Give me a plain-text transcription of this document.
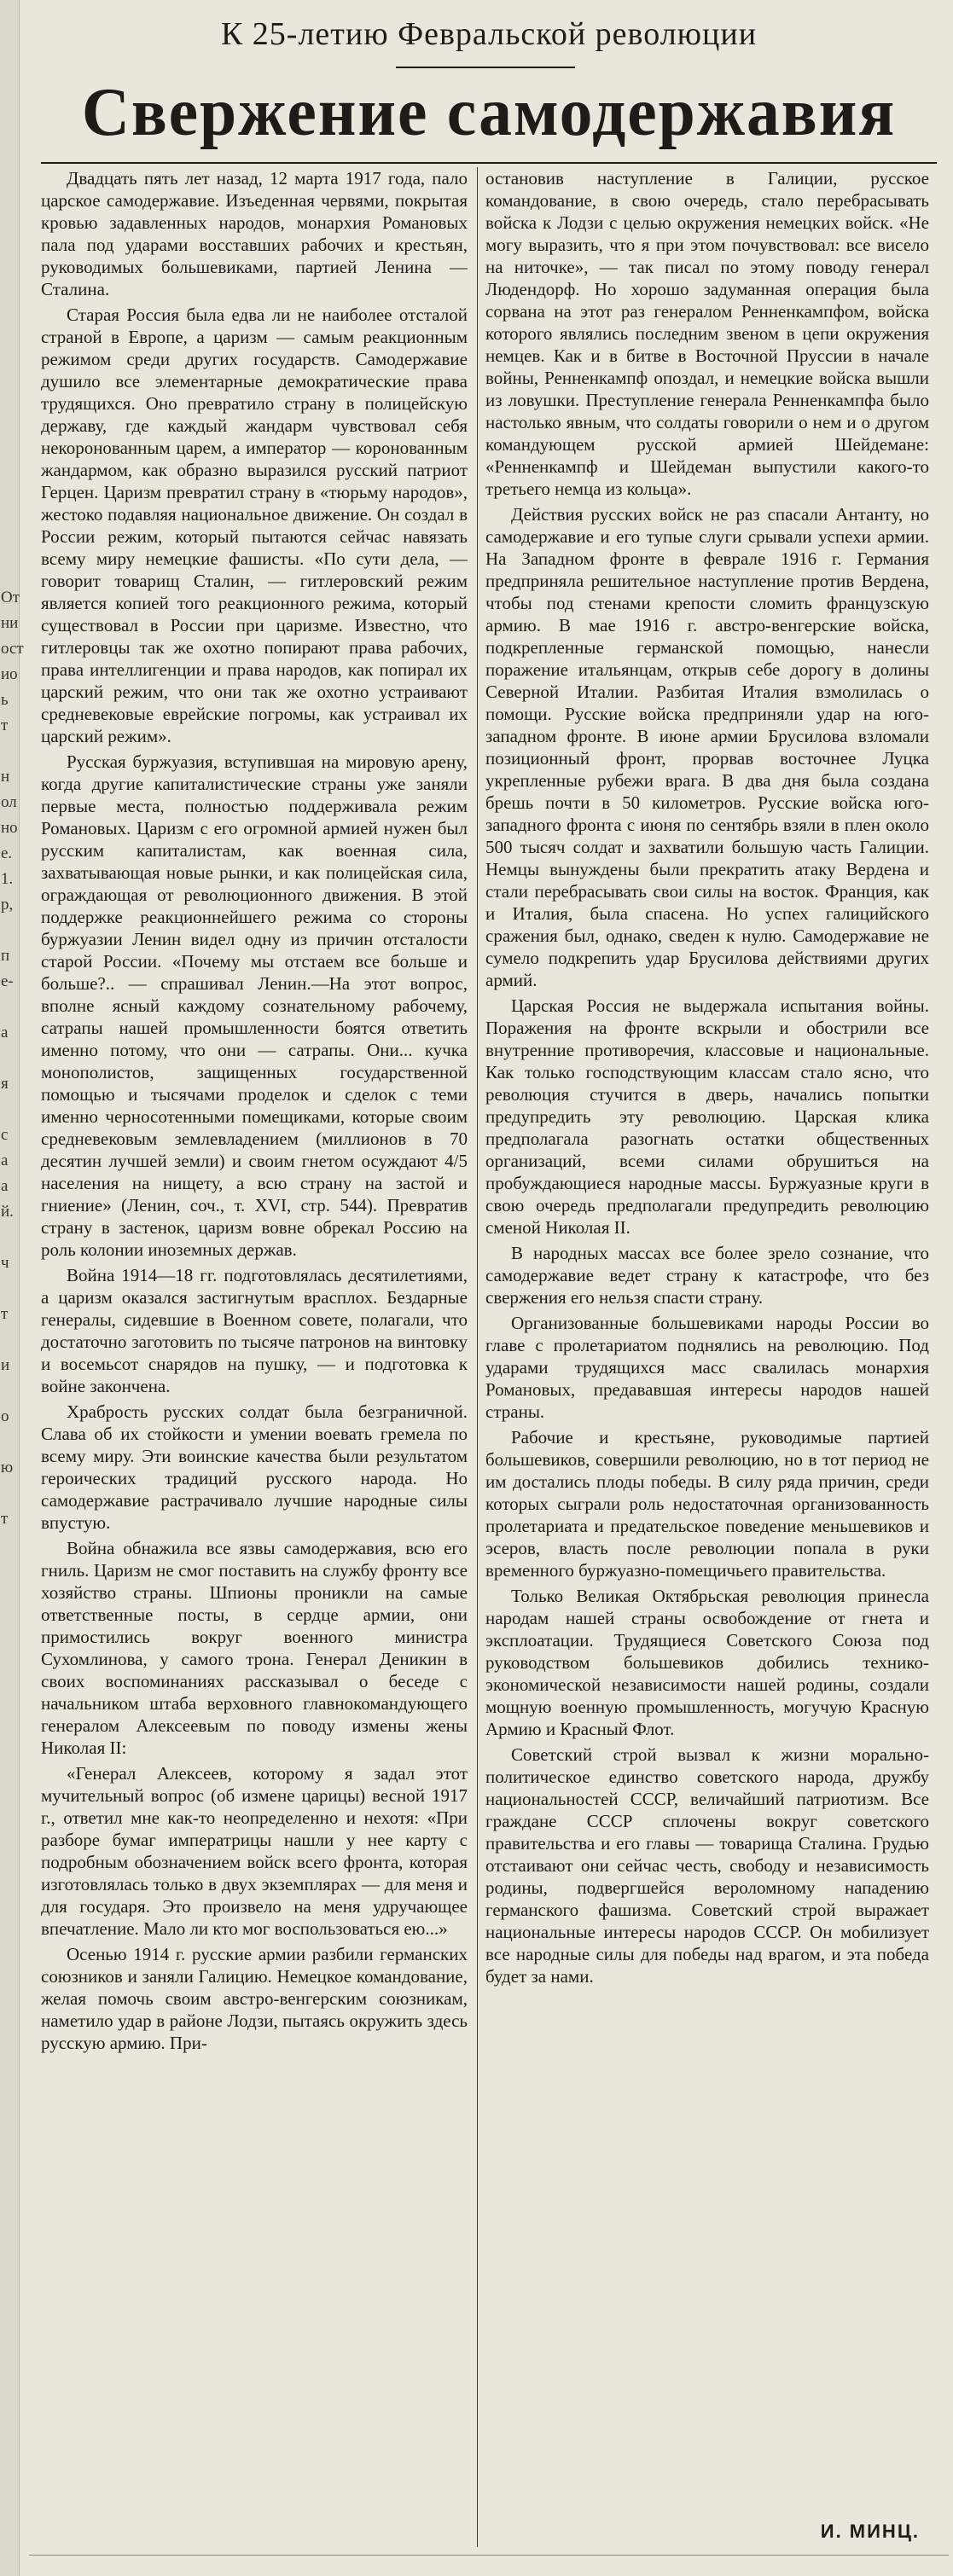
От
ни
ост
ио
ь
т
н
ол
но
е.
1.
р,
п
е-
а
я
с
а
а
й.
ч
т
и
о
ю
т
К 25-летию Февральской революции
Свержение самодержавия

Двадцать пять лет назад, 12 марта 1917 года, пало царское самодержавие. Изъеденная червями, покрытая кровью задавленных народов, монархия Романовых пала под ударами восставших рабочих и крестьян, руководимых большевиками, партией Ленина — Сталина.

Старая Россия была едва ли не наиболее отсталой страной в Европе, а царизм — самым реакционным режимом среди других государств. Самодержавие душило все элементарные демократические права трудящихся. Оно превратило страну в полицейскую державу, где каждый жандарм чувствовал себя некоронованным царем, а император — коронованным жандармом, как образно выразился русский патриот Герцен. Царизм превратил страну в «тюрьму народов», жестоко подавляя национальное движение. Он создал в России режим, который пытаются сейчас навязать всему миру немецкие фашисты. «По сути дела, — говорит товарищ Сталин, — гитлеровский режим является копией того реакционного режима, который существовал в России при царизме. Известно, что гитлеровцы так же охотно попирают права рабочих, права интеллигенции и права народов, как попирал их царский режим, что они так же охотно устраивают средневековые еврейские погромы, как устраивал их царский режим».

Русская буржуазия, вступившая на мировую арену, когда другие капиталистические страны уже заняли первые места, полностью поддерживала режим Романовых. Царизм с его огромной армией нужен был русским капиталистам, как военная сила, захватывающая новые рынки, и как полицейская сила, ограждающая от революционного движения. В этой поддержке реакционнейшего режима со стороны буржуазии Ленин видел одну из причин отсталости старой России. «Почему мы отстаем все больше и больше?.. — спрашивал Ленин.—На этот вопрос, вполне ясный каждому сознательному рабочему, сатрапы нашей промышленности боятся ответить именно потому, что они — сатрапы. Они... кучка монополистов, защищенных государственной помощью и тысячами проделок и сделок с теми именно черносотенными помещиками, которые своим средневековым землевладением (миллионов в 70 десятин лучшей земли) и своим гнетом осуждают 4/5 населения на нищету, а всю страну на застой и гниение» (Ленин, соч., т. XVI, стр. 544). Превратив страну в застенок, царизм вовне обрекал Россию на роль колонии иноземных держав.

Война 1914—18 гг. подготовлялась десятилетиями, а царизм оказался застигнутым врасплох. Бездарные генералы, сидевшие в Военном совете, полагали, что достаточно заготовить по тысяче патронов на винтовку и восемьсот снарядов на пушку, — и подготовка к войне закончена.

Храбрость русских солдат была безграничной. Слава об их стойкости и умении воевать гремела по всему миру. Эти воинские качества были результатом героических традиций русского народа. Но самодержавие растрачивало лучшие народные силы впустую.

Война обнажила все язвы самодержавия, всю его гниль. Царизм не смог поставить на службу фронту все хозяйство страны. Шпионы проникли на самые ответственные посты, в сердце армии, они примостились вокруг военного министра Сухомлинова, у самого трона. Генерал Деникин в своих воспоминаниях рассказывал о беседе с начальником штаба верховного главнокомандующего генералом Алексеевым по поводу измены жены Николая II:

«Генерал Алексеев, которому я задал этот мучительный вопрос (об измене царицы) весной 1917 г., ответил мне как-то неопределенно и нехотя: «При разборе бумаг императрицы нашли у нее карту с подробным обозначением войск всего фронта, которая изготовлялась только в двух экземплярах — для меня и для государя. Это произвело на меня удручающее впечатление. Мало ли кто мог воспользоваться ею...»

Осенью 1914 г. русские армии разбили германских союзников и заняли Галицию. Немецкое командование, желая помочь своим австро-венгерским союзникам, наметило удар в районе Лодзи, пытаясь окружить здесь русскую армию. При-

остановив наступление в Галиции, русское командование, в свою очередь, стало перебрасывать войска к Лодзи с целью окружения немецких войск. «Не могу выразить, что я при этом почувствовал: все висело на ниточке», — так писал по этому поводу генерал Людендорф. Но хорошо задуманная операция была сорвана на этот раз генералом Ренненкампфом, войска которого являлись последним звеном в цепи окружения немцев. Как и в битве в Восточной Пруссии в начале войны, Ренненкампф опоздал, и немецкие войска вышли из ловушки. Преступление генерала Ренненкампфа было настолько явным, что солдаты говорили о нем и о другом командующем русской армией Шейдемане: «Ренненкампф и Шейдеман выпустили какого-то третьего немца из кольца».

Действия русских войск не раз спасали Антанту, но самодержавие и его тупые слуги срывали успехи армии. На Западном фронте в феврале 1916 г. Германия предприняла решительное наступление против Вердена, чтобы под стенами крепости сломить французскую армию. В мае 1916 г. австро-венгерские войска, подкрепленные германской помощью, нанесли поражение итальянцам, открыв себе дорогу в долины Северной Италии. Разбитая Италия взмолилась о помощи. Русские войска предприняли удар на юго-западном фронте. В июне армии Брусилова взломали позиционный фронт, прорвав восточнее Луцка укрепленные рубежи врага. В два дня была создана брешь почти в 50 километров. Русские войска юго-западного фронта с июня по сентябрь взяли в плен около 500 тысяч солдат и захватили большую часть Галиции. Немцы вынуждены были прекратить атаку Вердена и стали перебрасывать свои силы на восток. Франция, как и Италия, была спасена. Но успех галицийского сражения был, однако, сведен к нулю. Самодержавие не сумело подкрепить удар Брусилова действиями других армий.

Царская Россия не выдержала испытания войны. Поражения на фронте вскрыли и обострили все внутренние противоречия, классовые и национальные. Как только господствующим классам стало ясно, что революция стучится в дверь, начались попытки предупредить эту революцию. Царская клика предполагала разогнать остатки общественных организаций, всеми силами обрушиться на пробуждающиеся народные массы. Буржуазные круги в свою очередь предполагали предупредить революцию сменой Николая II.

В народных массах все более зрело сознание, что самодержавие ведет страну к катастрофе, что без свержения его нельзя спасти страну.

Организованные большевиками народы России во главе с пролетариатом поднялись на революцию. Под ударами трудящихся масс свалилась монархия Романовых, предававшая интересы народов нашей страны.

Рабочие и крестьяне, руководимые партией большевиков, совершили революцию, но в тот период не им достались плоды победы. В силу ряда причин, среди которых сыграли роль недостаточная организованность пролетариата и предательское поведение меньшевиков и эсеров, власть после революции попала в руки временного буржуазно-помещичьего правительства.

Только Великая Октябрьская революция принесла народам нашей страны освобождение от гнета и эксплоатации. Трудящиеся Советского Союза под руководством большевиков добились технико-экономической независимости нашей родины, создали мощную военную промышленность, могучую Красную Армию и Красный Флот.

Советский строй вызвал к жизни морально-политическое единство советского народа, дружбу национальностей СССР, величайший патриотизм. Все граждане СССР сплочены вокруг советского правительства и его главы — товарища Сталина. Грудью отстаивают они сейчас честь, свободу и независимость родины, подвергшейся вероломному нападению германского фашизма. Советский строй выражает национальные интересы народов СССР. Он мобилизует все народные силы для победы над врагом, и эта победа будет за нами.

И. МИНЦ.
